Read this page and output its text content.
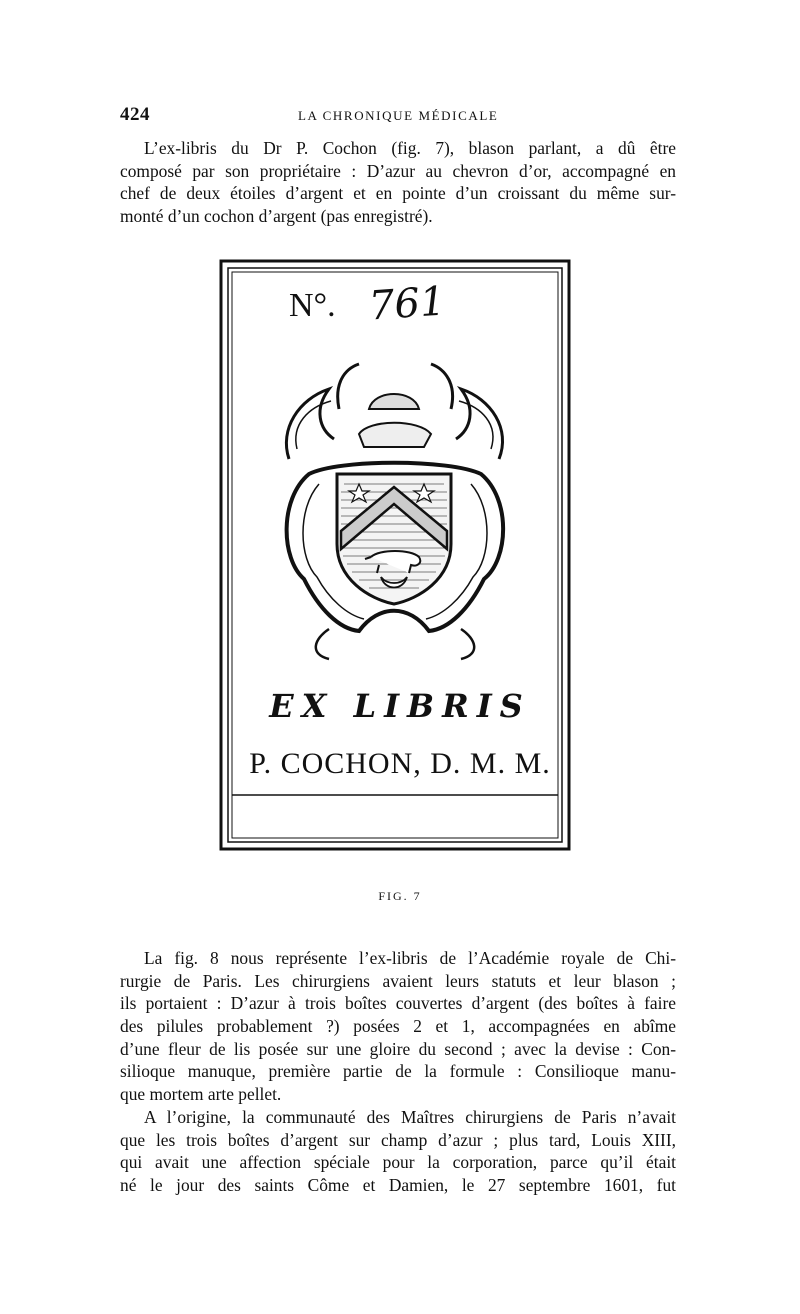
424	LA CHRONIQUE MÉDICALE
L’ex-libris du Dr P. Cochon (fig. 7), blason parlant, a dû être
composé par son propriétaire : D’azur au chevron d’or, accompagné en
chef de deux étoiles d’argent et en pointe d’un croissant du même sur-
monté d’un cochon d’argent (pas enregistré).
N°. 761
EX LIBRIS
P. COCHON, D. M. M.
FIG. 7
La fig. 8 nous représente l’ex-libris de l’Académie royale de Chi-
rurgie de Paris. Les chirurgiens avaient leurs statuts et leur blason ;
ils portaient : D’azur à trois boîtes couvertes d’argent (des boîtes à faire
des pilules probablement ?) posées 2 et 1, accompagnées en abîme
d’une fleur de lis posée sur une gloire du second ; avec la devise : Con-
silioque manuque, première partie de la formule : Consilioque manu-
que mortem arte pellet.
A l’origine, la communauté des Maîtres chirurgiens de Paris n’avait
que les trois boîtes d’argent sur champ d’azur ; plus tard, Louis XIII,
qui avait une affection spéciale pour la corporation, parce qu’il était
né le jour des saints Côme et Damien, le 27 septembre 1601, fut
